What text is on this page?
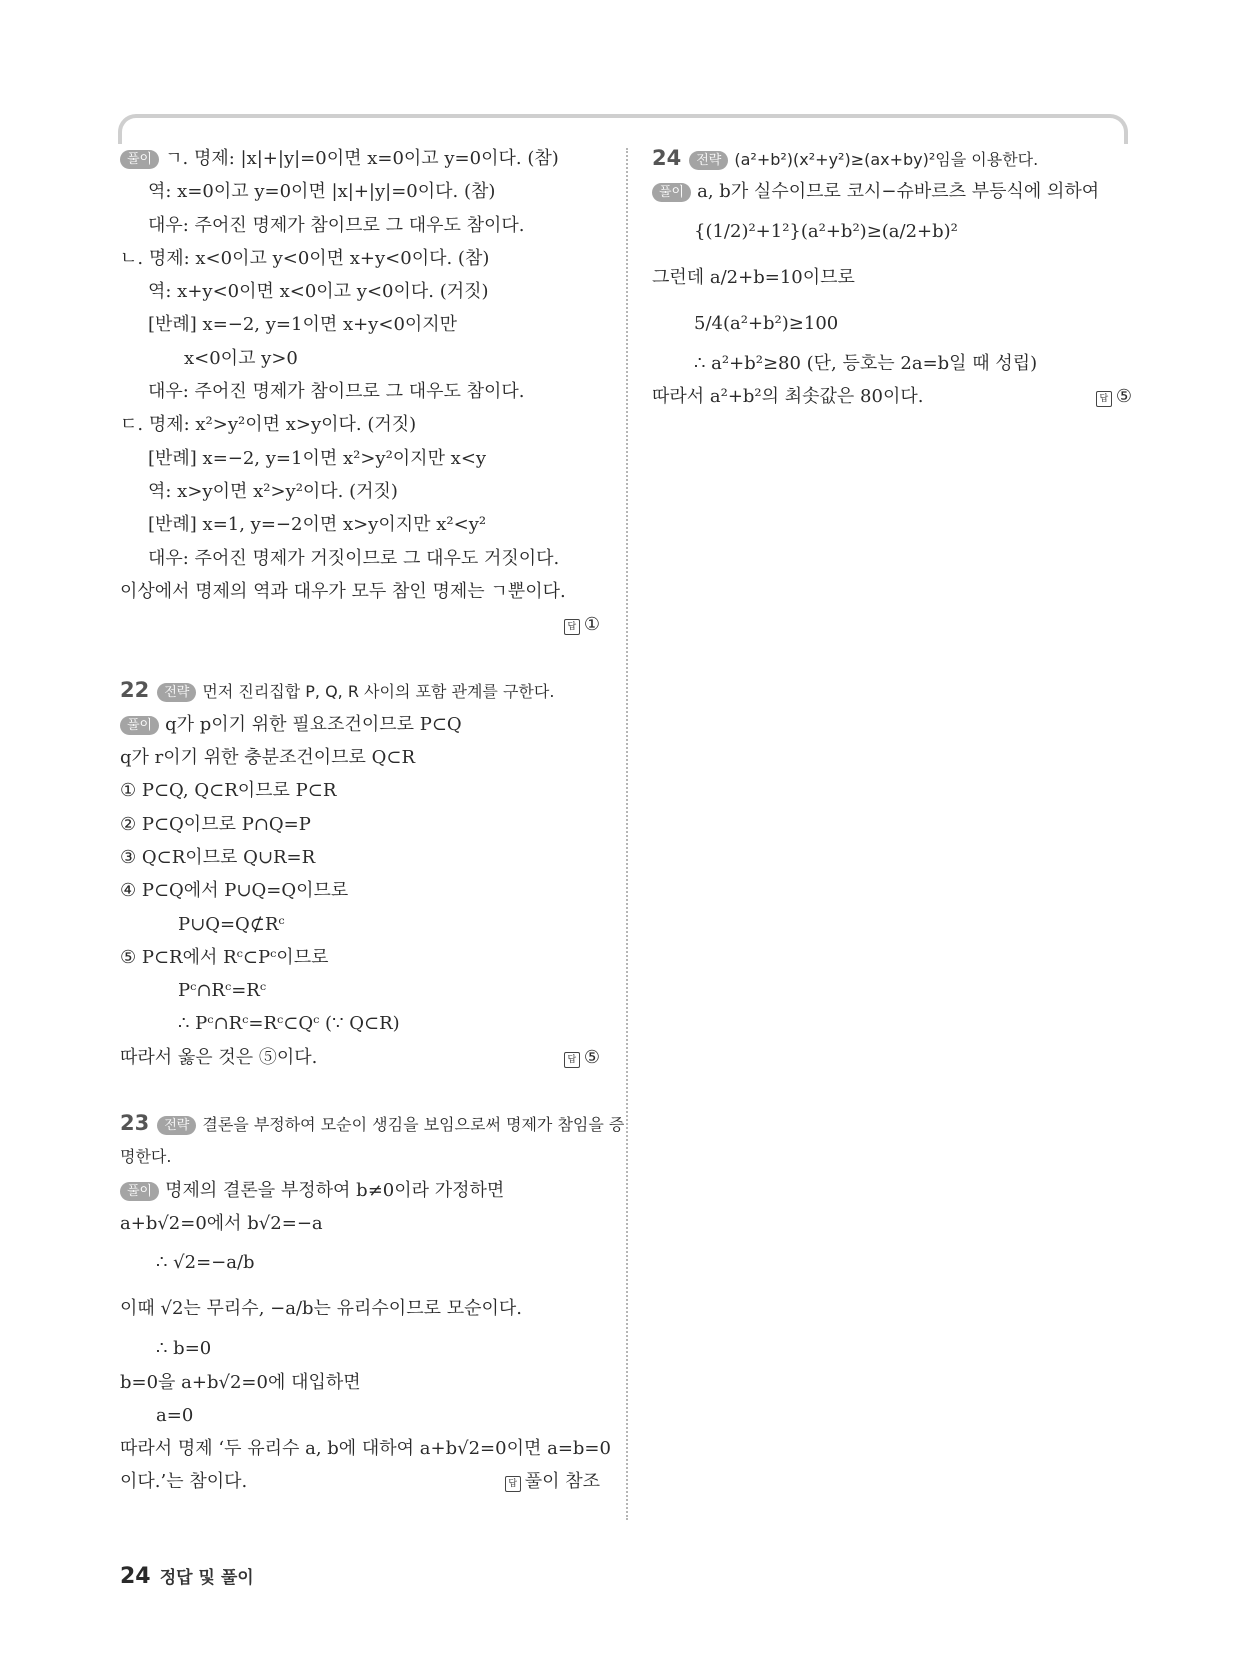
풀이 ㄱ. 명제: |x|+|y|=0이면 x=0이고 y=0이다. (참)
역: x=0이고 y=0이면 |x|+|y|=0이다. (참)
대우: 주어진 명제가 참이므로 그 대우도 참이다.
ㄴ. 명제: x<0이고 y<0이면 x+y<0이다. (참)
역: x+y<0이면 x<0이고 y<0이다. (거짓)
[반례] x=−2, y=1이면 x+y<0이지만
x<0이고 y>0
대우: 주어진 명제가 참이므로 그 대우도 참이다.
ㄷ. 명제: x²>y²이면 x>y이다. (거짓)
[반례] x=−2, y=1이면 x²>y²이지만 x<y
역: x>y이면 x²>y²이다. (거짓)
[반례] x=1, y=−2이면 x>y이지만 x²<y²
대우: 주어진 명제가 거짓이므로 그 대우도 거짓이다.
이상에서 명제의 역과 대우가 모두 참인 명제는 ㄱ뿐이다.
답 ①
22 전략 먼저 진리집합 P, Q, R 사이의 포함 관계를 구한다.
풀이 q가 p이기 위한 필요조건이므로 P⊂Q
q가 r이기 위한 충분조건이므로 Q⊂R
① P⊂Q, Q⊂R이므로 P⊂R
② P⊂Q이므로 P∩Q=P
③ Q⊂R이므로 Q∪R=R
④ P⊂Q에서 P∪Q=Q이므로
P∪Q=Q⊄Rᶜ
⑤ P⊂R에서 Rᶜ⊂Pᶜ이므로
Pᶜ∩Rᶜ=Rᶜ
∴ Pᶜ∩Rᶜ=Rᶜ⊂Qᶜ (∵ Q⊂R)
따라서 옳은 것은 ⑤이다.	답 ⑤
23 전략 결론을 부정하여 모순이 생김을 보임으로써 명제가 참임을 증
명한다.
풀이 명제의 결론을 부정하여 b≠0이라 가정하면
a+b√2=0에서 b√2=−a
∴ √2=−a/b
이때 √2는 무리수, −a/b는 유리수이므로 모순이다.
∴ b=0
b=0을 a+b√2=0에 대입하면
a=0
따라서 명제 ‘두 유리수 a, b에 대하여 a+b√2=0이면 a=b=0
이다.’는 참이다.	답 풀이 참조
24 전략 (a²+b²)(x²+y²)≥(ax+by)²임을 이용한다.
풀이 a, b가 실수이므로 코시−슈바르츠 부등식에 의하여
{(1/2)²+1²}(a²+b²)≥(a/2+b)²
그런데 a/2+b=10이므로
5/4(a²+b²)≥100
∴ a²+b²≥80 (단, 등호는 2a=b일 때 성립)
따라서 a²+b²의 최솟값은 80이다.	답 ⑤
24 정답 및 풀이
